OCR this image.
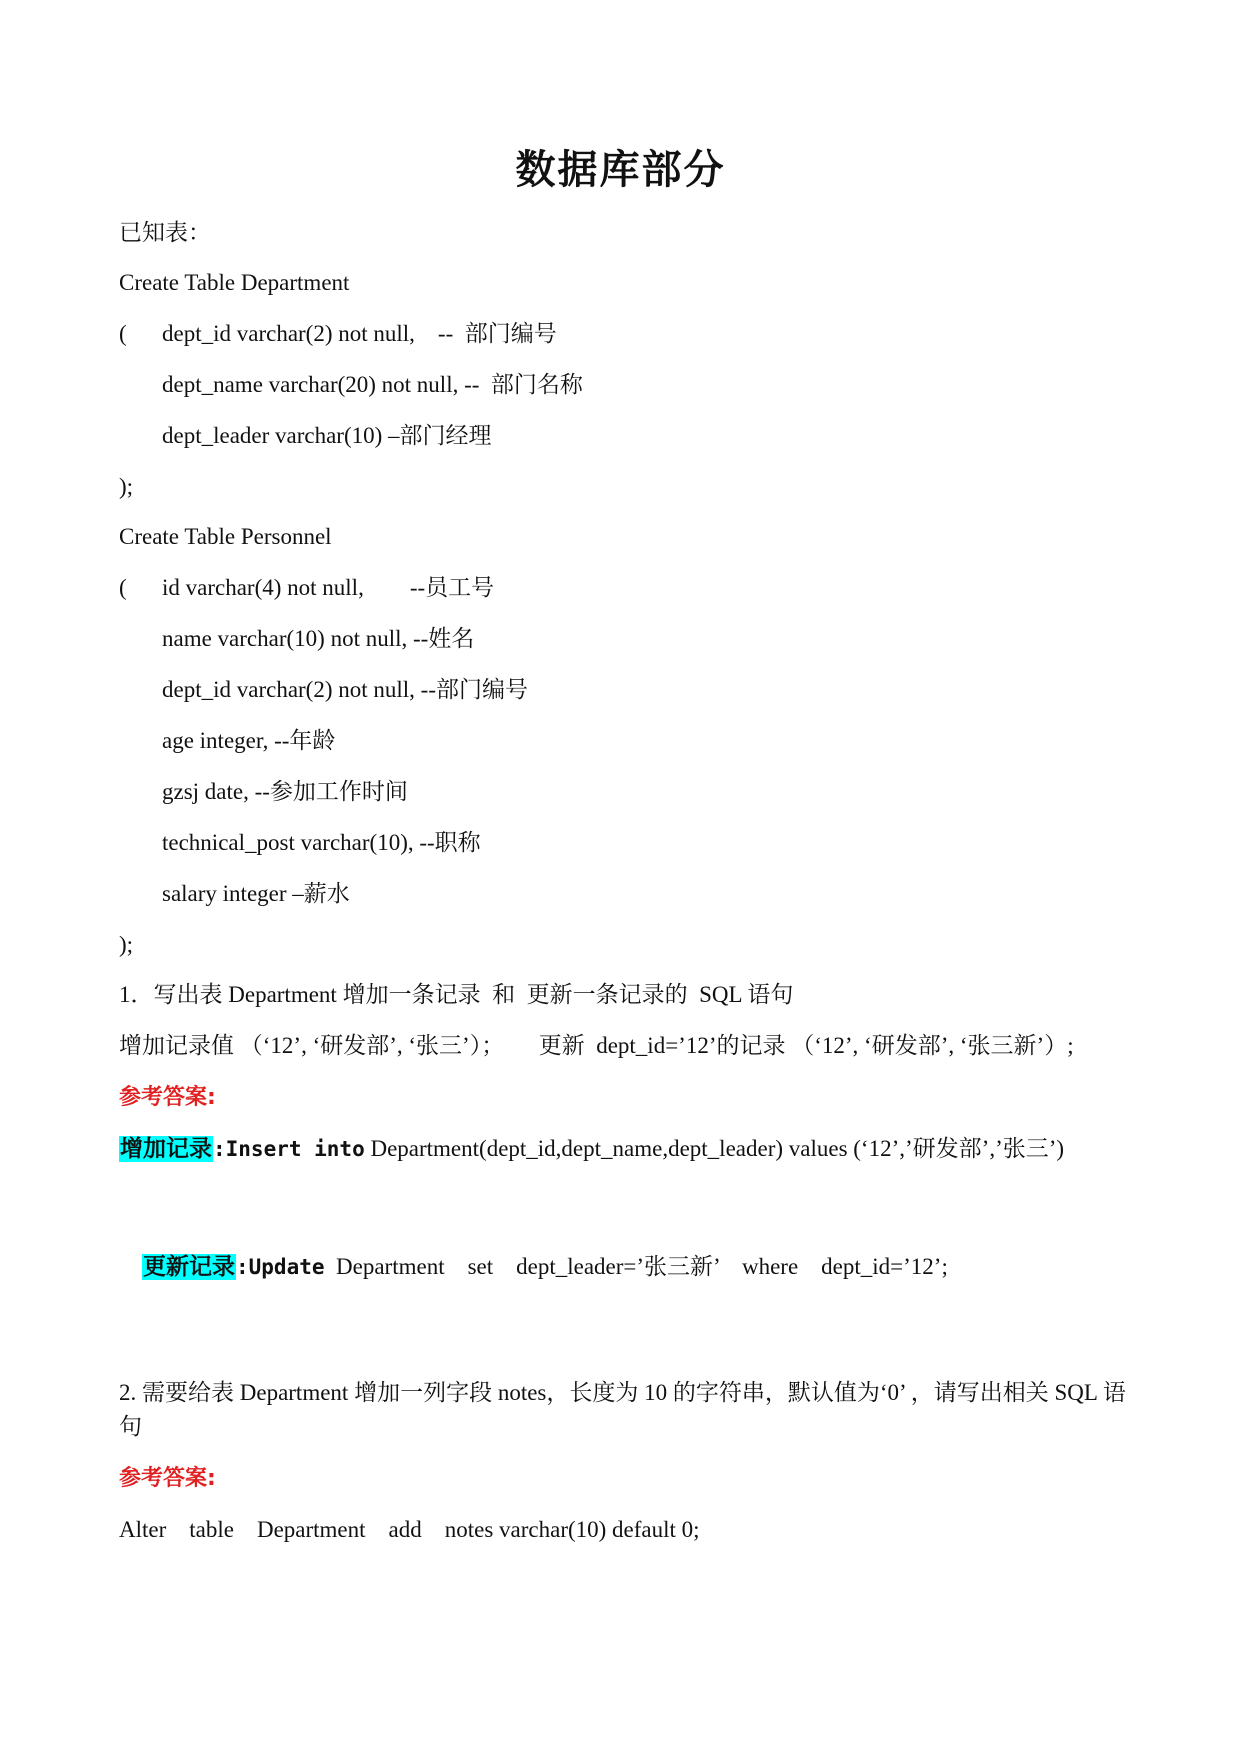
数据库部分
已知表：
Create Table Department
( dept_id varchar(2) not null,    --  部门编号
dept_name varchar(20) not null, --  部门名称
dept_leader varchar(10) –部门经理
);
Create Table Personnel
( id varchar(4) not null,        --员工号
name varchar(10) not null, --姓名
dept_id varchar(2) not null, --部门编号
age integer, --年龄
gzsj date, --参加工作时间
technical_post varchar(10), --职称
salary integer –薪水
);
1．写出表 Department 增加一条记录  和  更新一条记录的  SQL 语句
增加记录值 （‘12’, ‘研发部’, ‘张三’）；      更新  dept_id=’12’的记录 （‘12’, ‘研发部’, ‘张三新’）;
参考答案:
增加记录:Insert into Department(dept_id,dept_name,dept_leader) values (‘12’,’研发部’,’张三’)

更新记录:Update  Department    set    dept_leader=’张三新’    where    dept_id=’12’;

2. 需要给表 Department 增加一列字段 notes，长度为 10 的字符串，默认值为‘0’ ，请写出相关 SQL 语句
参考答案:
Alter    table    Department    add    notes varchar(10) default 0;
